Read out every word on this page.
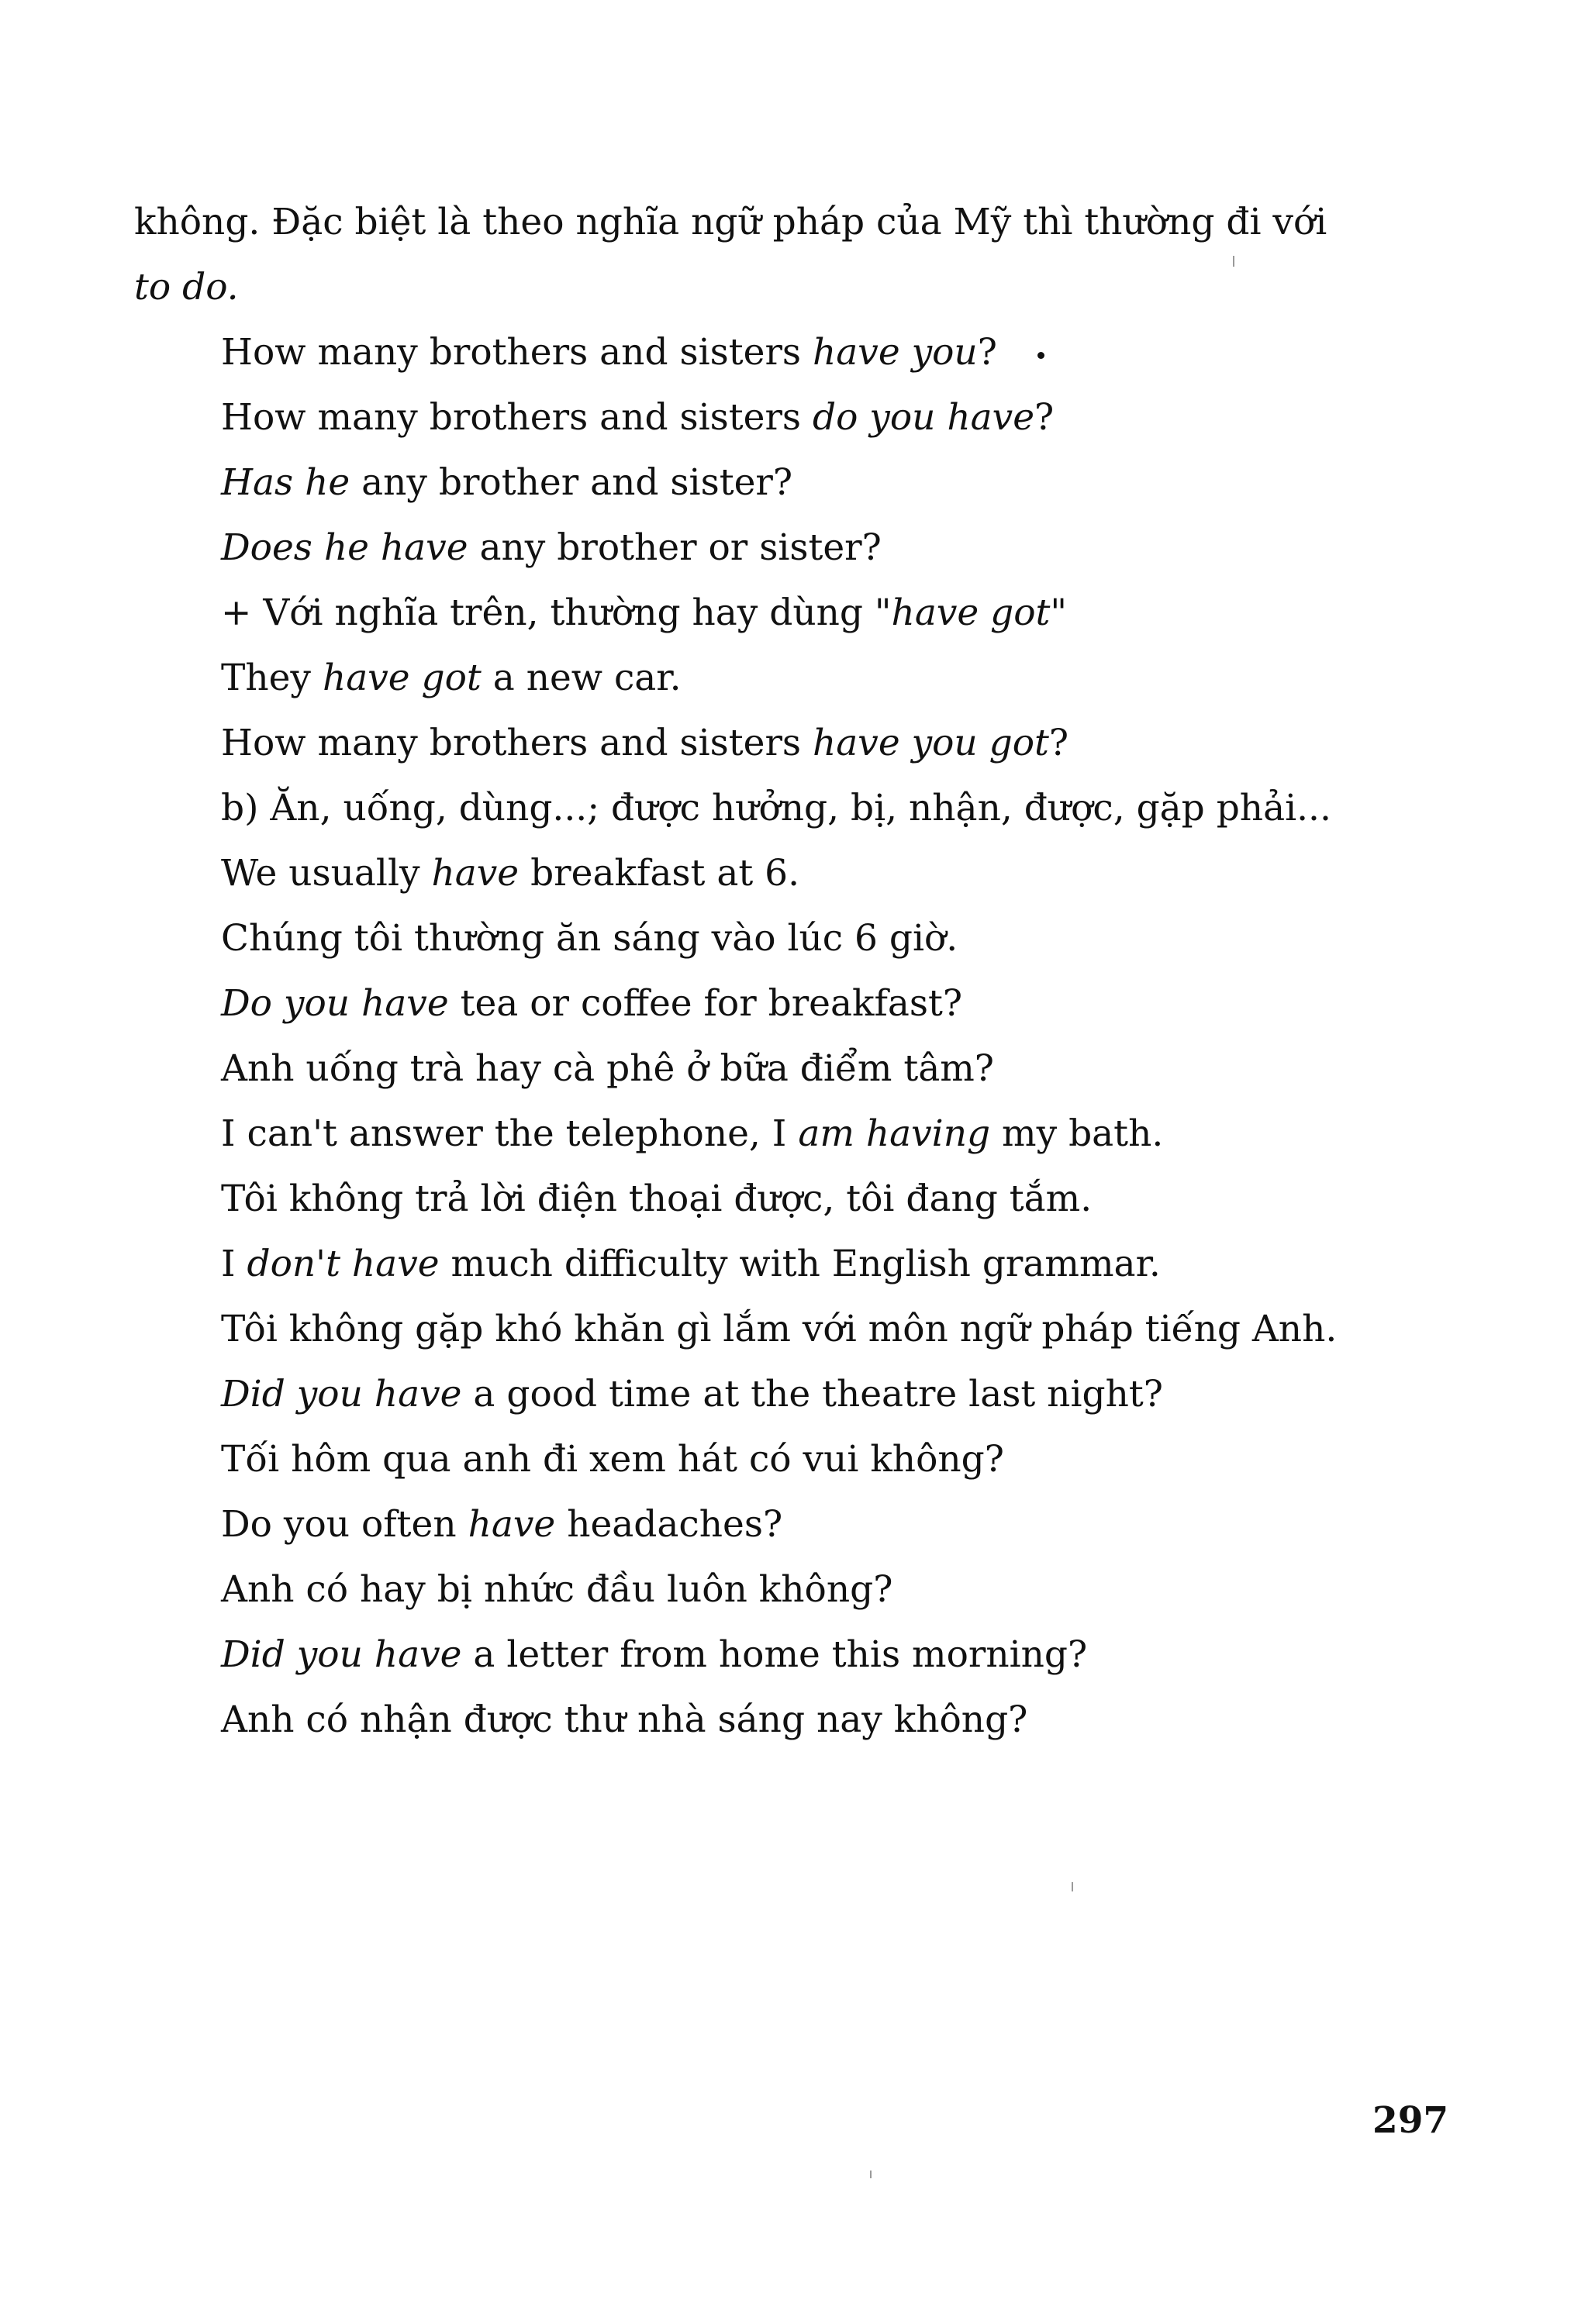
không. Đặc biệt là theo nghĩa ngữ pháp của Mỹ thì thường đi với
to do.
How many brothers and sisters have you?
How many brothers and sisters do you have?
Has he any brother and sister?
Does he have any brother or sister?
+ Với nghĩa trên, thường hay dùng "have got"
They have got a new car.
How many brothers and sisters have you got?
b) Ăn, uống, dùng...; được hưởng, bị, nhận, được, gặp phải...
We usually have breakfast at 6.
Chúng tôi thường ăn sáng vào lúc 6 giờ.
Do you have tea or coffee for breakfast?
Anh uống trà hay cà phê ở bữa điểm tâm?
I can't answer the telephone, I am having my bath.
Tôi không trả lời điện thoại được, tôi đang tắm.
I don't have much difficulty with English grammar.
Tôi không gặp khó khăn gì lắm với môn ngữ pháp tiếng Anh.
Did you have a good time at the theatre last night?
Tối hôm qua anh đi xem hát có vui không?
Do you often have headaches?
Anh có hay bị nhức đầu luôn không?
Did you have a letter from home this morning?
Anh có nhận được thư nhà sáng nay không?
297
